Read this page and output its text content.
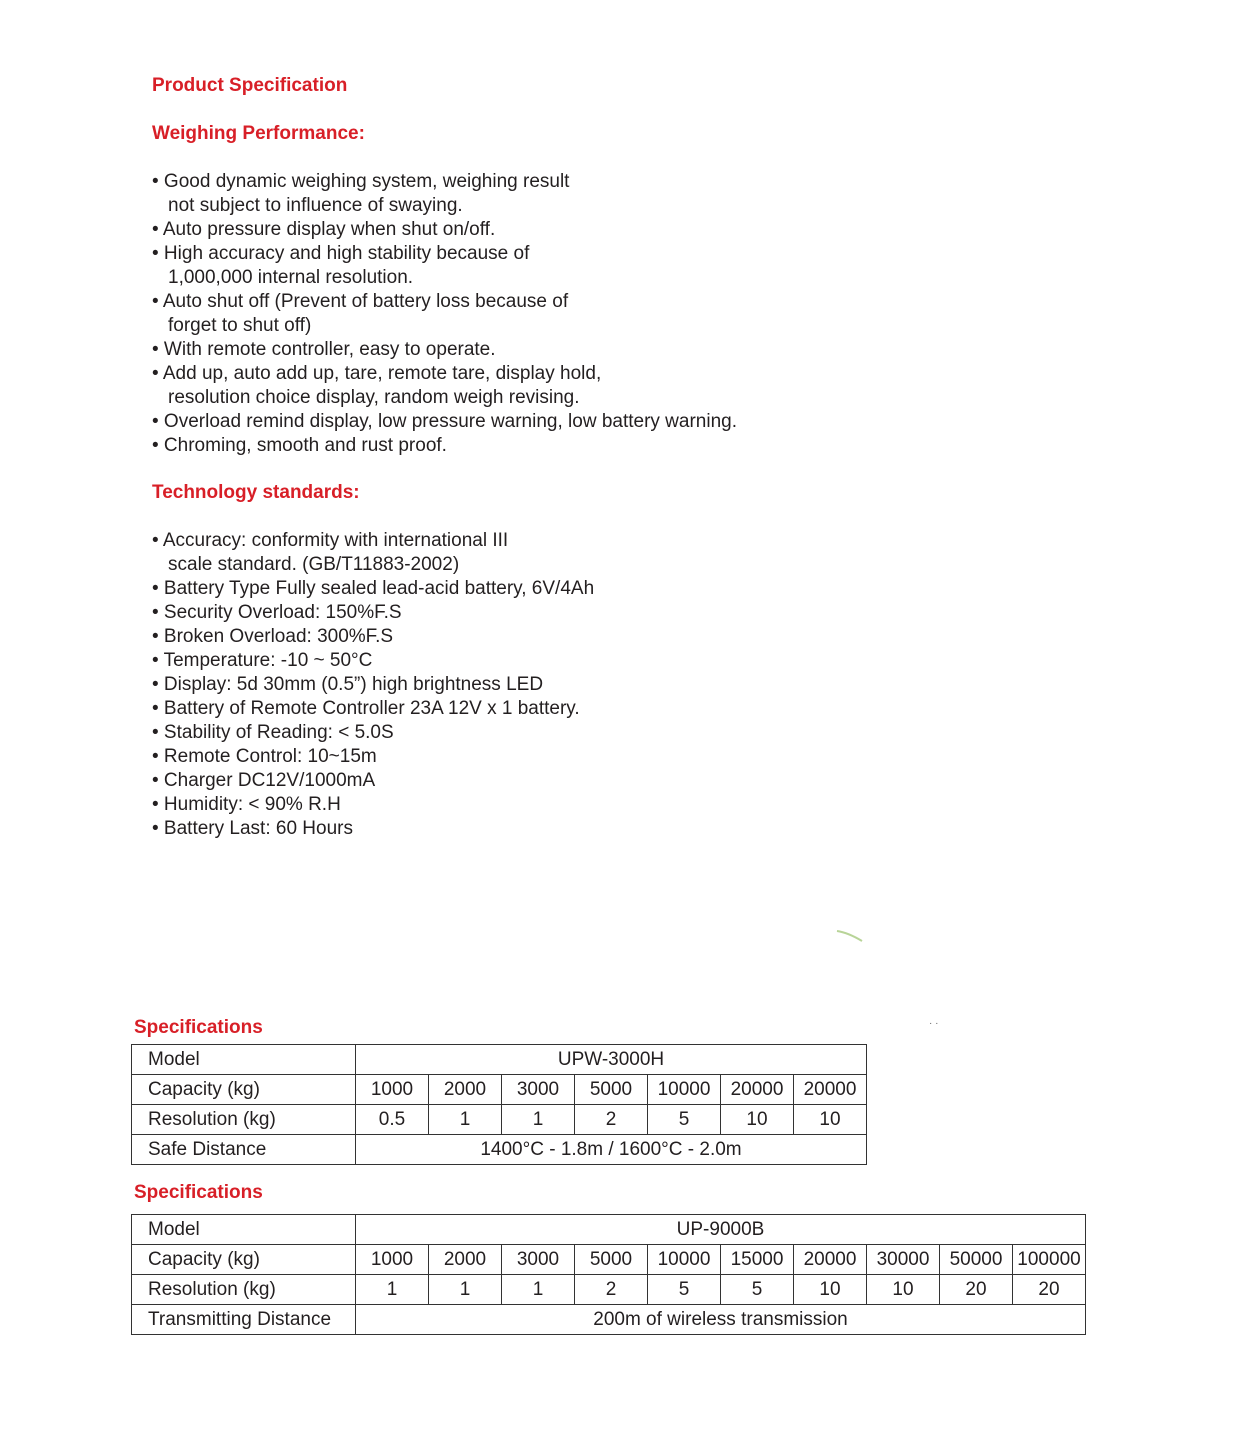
Product Specification
Weighing Performance:
• Good dynamic weighing system, weighing result
not subject to influence of swaying.
• Auto pressure display when shut on/off.
• High accuracy and high stability because of
1,000,000 internal resolution.
• Auto shut off (Prevent of battery loss because of
forget to shut off)
• With remote controller, easy to operate.
• Add up, auto add up, tare, remote tare, display hold,
resolution choice display, random weigh revising.
• Overload remind display, low pressure warning, low battery warning.
• Chroming, smooth and rust proof.
Technology standards:
• Accuracy: conformity with international III
scale standard. (GB/T11883-2002)
• Battery Type Fully sealed lead-acid battery, 6V/4Ah
• Security Overload: 150%F.S
• Broken Overload: 300%F.S
• Temperature: -10 ~ 50°C
• Display: 5d 30mm (0.5”) high brightness LED
• Battery of Remote Controller 23A 12V x 1 battery.
• Stability of Reading: < 5.0S
• Remote Control: 10~15m
• Charger DC12V/1000mA
• Humidity: < 90% R.H
• Battery Last: 60 Hours
· ·
Specifications
Model	UPW-3000H						
Capacity (kg)	1000	2000	3000	5000	10000	20000	20000
Resolution (kg)	0.5	1	1	2	5	10	10
Safe Distance	1400°C - 1.8m / 1600°C - 2.0m						
Specifications
Model	UP-9000B									
Capacity (kg)	1000	2000	3000	5000	10000	15000	20000	30000	50000	100000
Resolution (kg)	1	1	1	2	5	5	10	10	20	20
Transmitting Distance	200m of wireless transmission									
